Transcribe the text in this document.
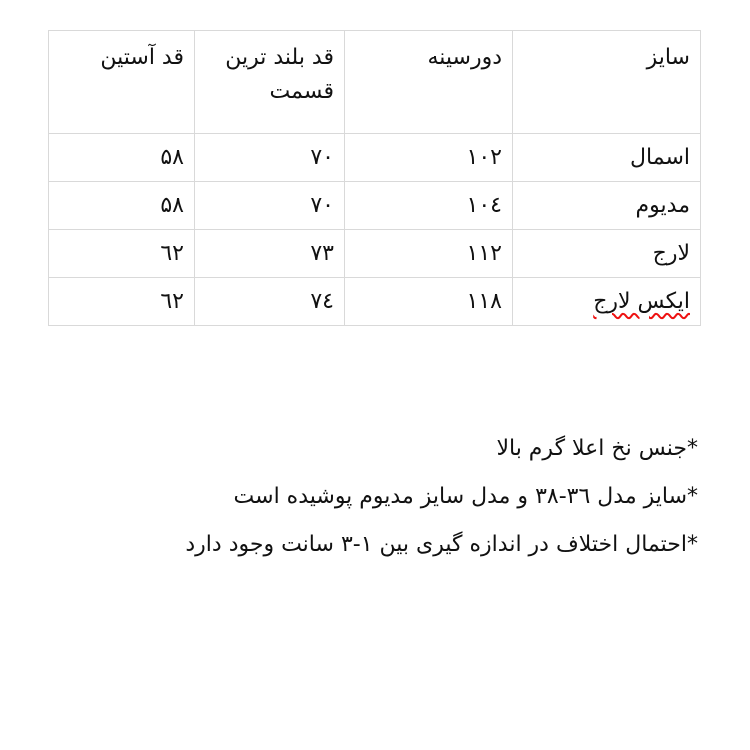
سایز	دورسینه	قد بلند ترین قسمت	قد آستین
اسمال	۱۰۲	۷۰	۵۸
مدیوم	۱۰٤	۷۰	۵۸
لارج	۱۱۲	۷۳	٦۲
ایکس لارج	۱۱۸	۷٤	٦۲
*جنس نخ اعلا گرم بالا
*سایز مدل ۳٦-۳۸ و مدل سایز مدیوم پوشیده است
*احتمال اختلاف در اندازه گیری بین ۱-۳ سانت وجود دارد
